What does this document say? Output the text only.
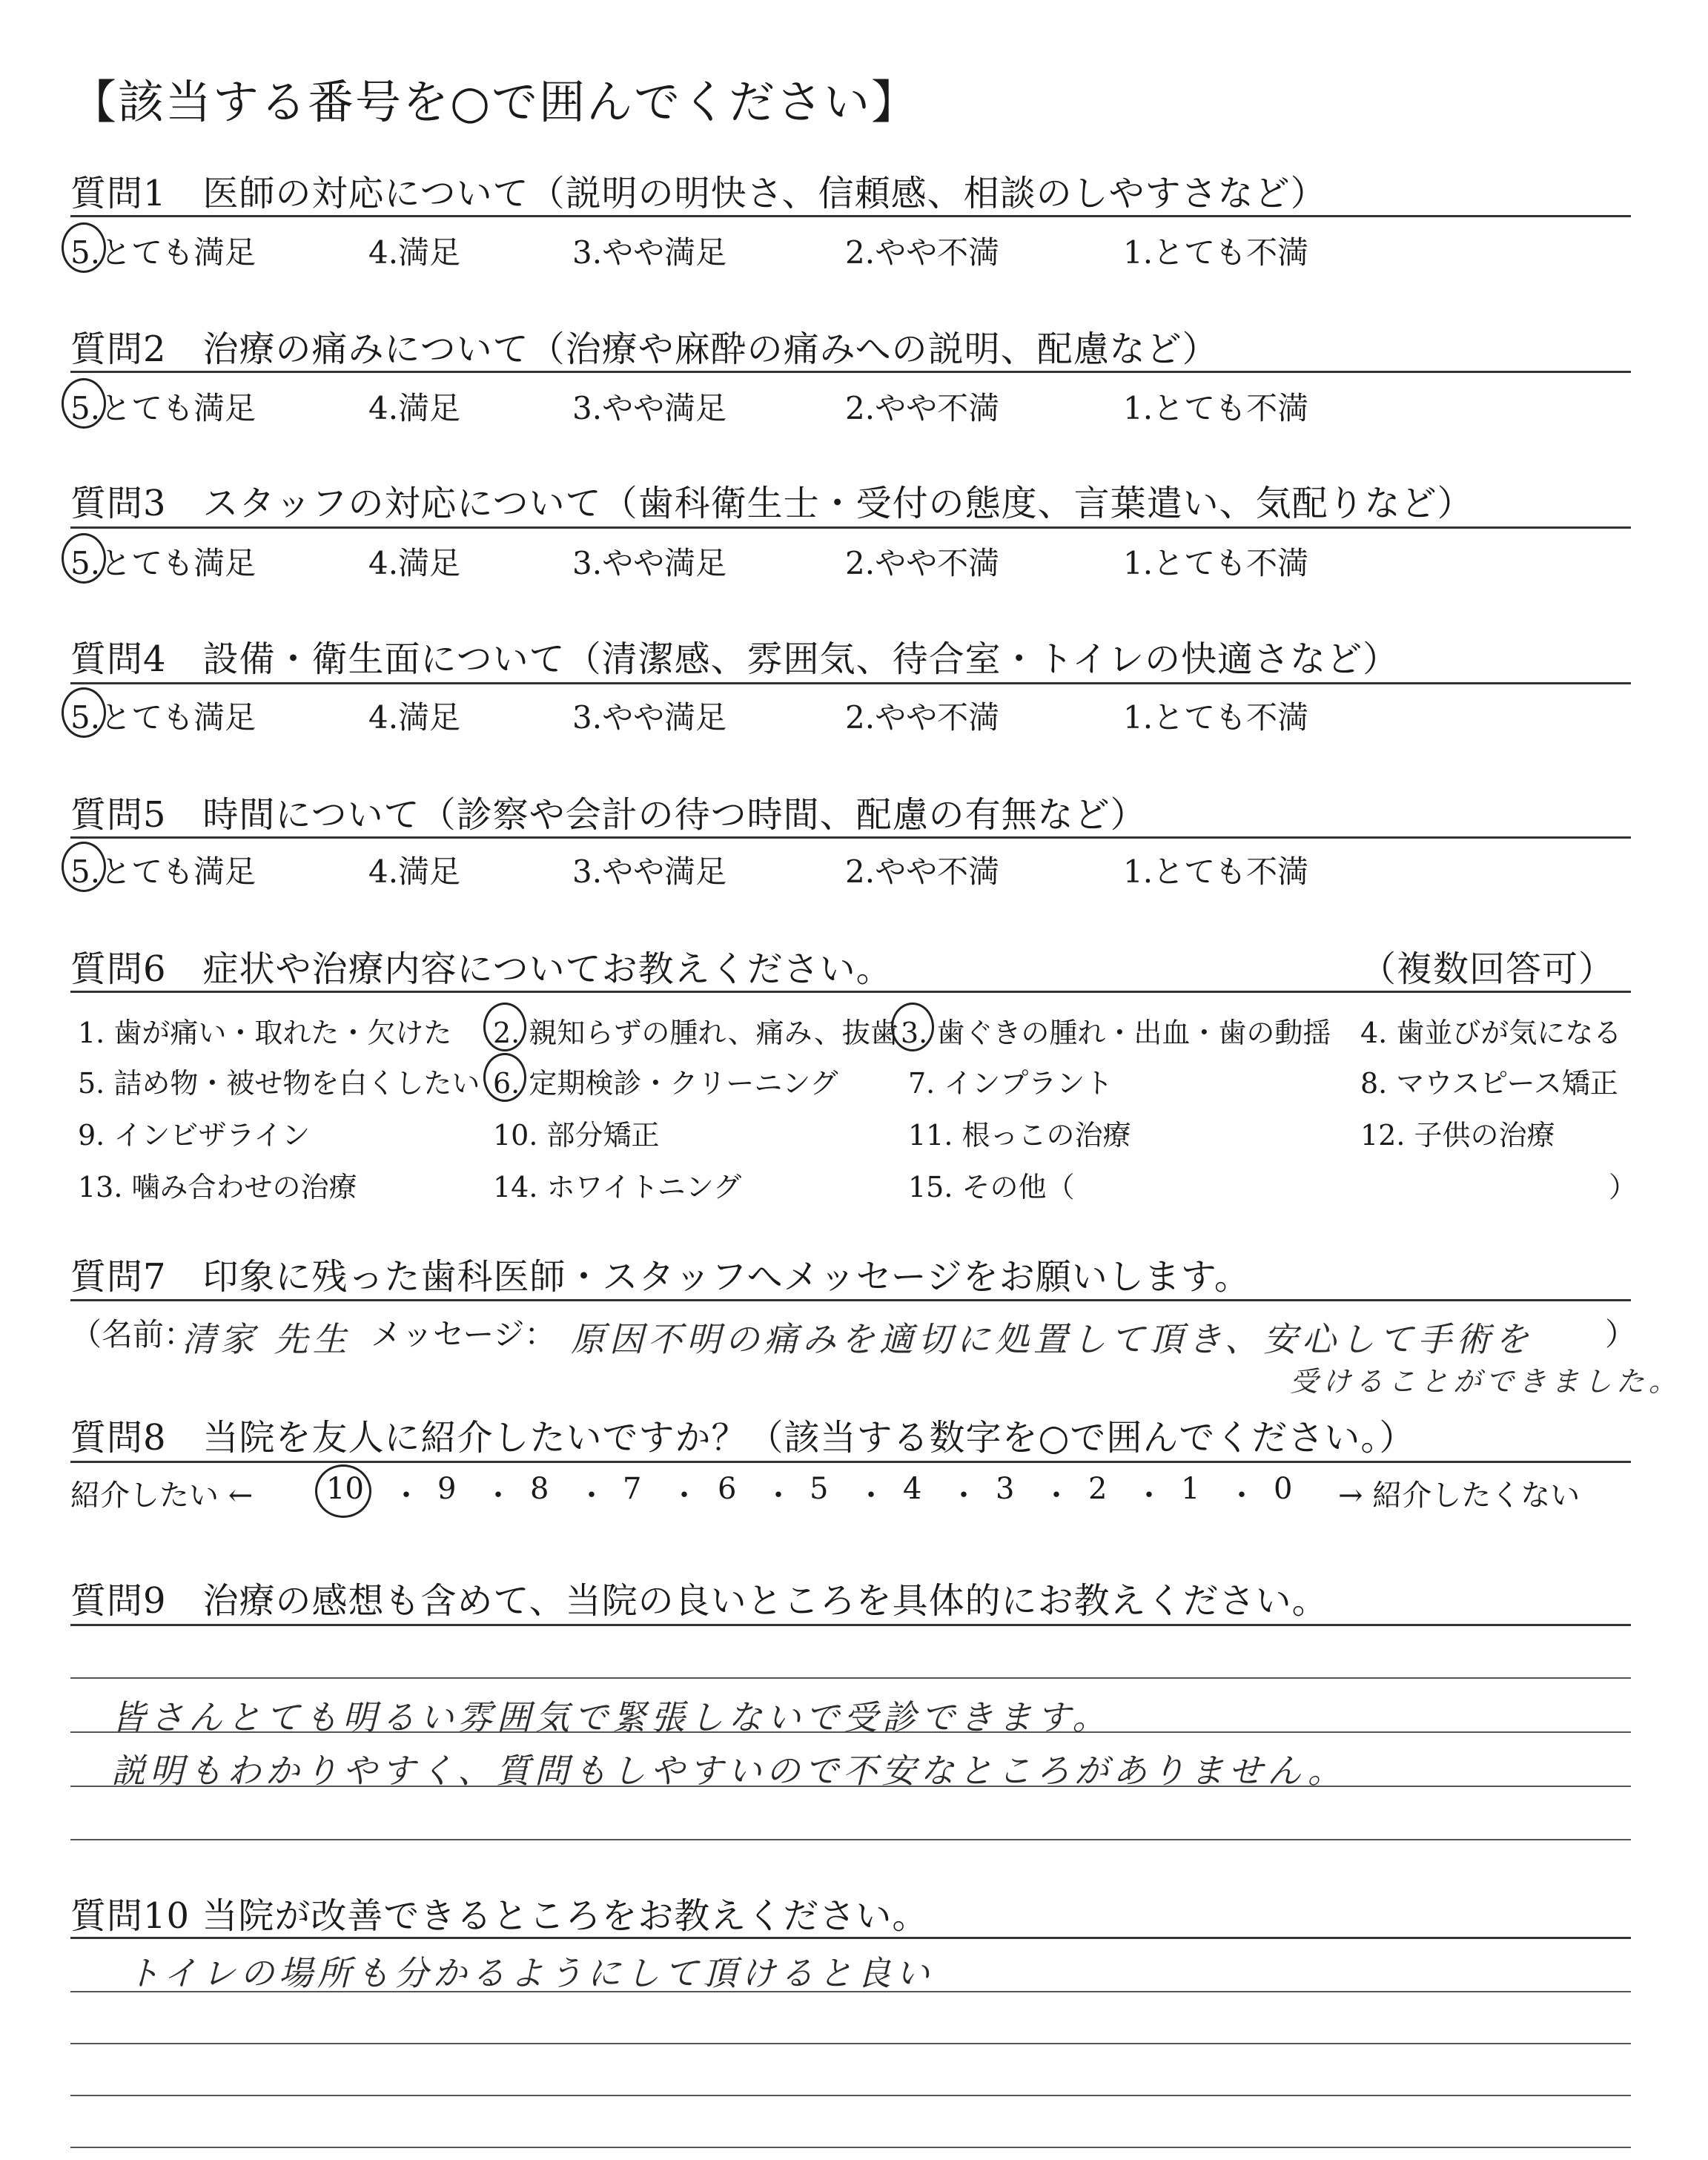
【該当する番号を○で囲んでください】
質問1　医師の対応について（説明の明快さ、信頼感、相談のしやすさなど）
5.とても満足	4.満足	3.やや満足	2.やや不満	1.とても不満
質問2　治療の痛みについて（治療や麻酔の痛みへの説明、配慮など）
5.とても満足	4.満足	3.やや満足	2.やや不満	1.とても不満
質問3　スタッフの対応について（歯科衛生士・受付の態度、言葉遣い、気配りなど）
5.とても満足	4.満足	3.やや満足	2.やや不満	1.とても不満
質問4　設備・衛生面について（清潔感、雰囲気、待合室・トイレの快適さなど）
5.とても満足	4.満足	3.やや満足	2.やや不満	1.とても不満
質問5　時間について（診察や会計の待つ時間、配慮の有無など）
5.とても満足	4.満足	3.やや満足	2.やや不満	1.とても不満
質問6　症状や治療内容についてお教えください。	（複数回答可）
1. 歯が痛い・取れた・欠けた 2. 親知らずの腫れ、痛み、抜歯 3. 歯ぐきの腫れ・出血・歯の動揺 4. 歯並びが気になる
5. 詰め物・被せ物を白くしたい 6. 定期検診・クリーニング 7. インプラント	8. マウスピース矯正
9. インビザライン	10. 部分矯正	11. 根っこの治療	12. 子供の治療
13. 噛み合わせの治療	14. ホワイトニング	15. その他（	）
質問7　印象に残った歯科医師・スタッフへメッセージをお願いします。
（名前：
清家 先生 メッセージ： 原因不明の痛みを適切に処置して頂き、安心して手術を ）
受けることができました。
質問8　当院を友人に紹介したいですか？（該当する数字を○で囲んでください。）
紹介したい ← 10 ・ 9 ・ 8 ・ 7 ・ 6 ・ 5 ・ 4 ・ 3 ・ 2 ・ 1 ・ 0 → 紹介したくない
質問9　治療の感想も含めて、当院の良いところを具体的にお教えください。
皆さんとても明るい雰囲気で緊張しないで受診できます。
説明もわかりやすく、質問もしやすいので不安なところがありません。
質問10 当院が改善できるところをお教えください。
トイレの場所も分かるようにして頂けると良い
